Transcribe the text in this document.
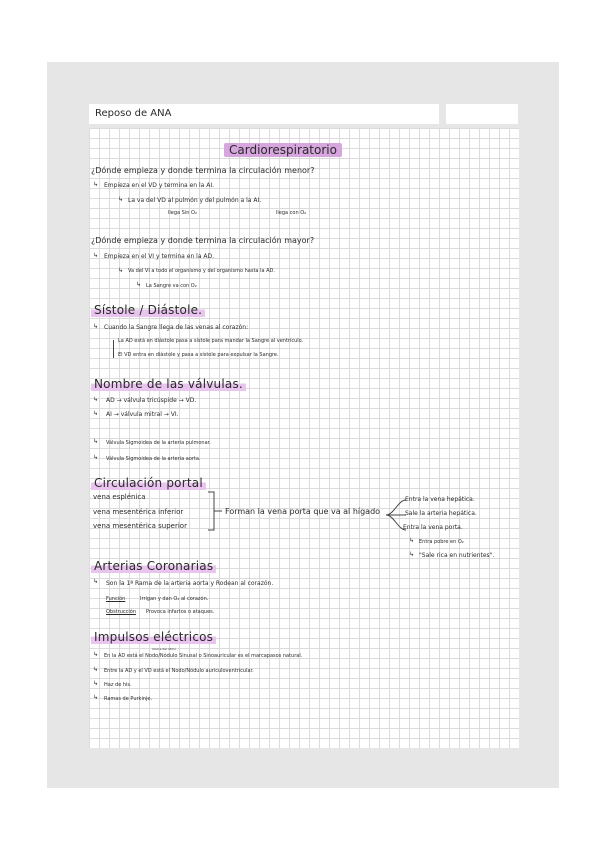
Reposo de ANA
Cardiorespiratorio
¿Dónde empieza y donde termina la circulación menor?
↳ Empieza en el VD y termina en la AI.
↳ La va del VD al pulmón y del pulmón a la AI.
llega Sin O₂	llega con O₂
¿Dónde empieza y donde termina la circulación mayor?
↳ Empieza en el VI y termina en la AD.
↳ Va del VI a todo el organismo y del organismo hasta la AD.
↳ La Sangre va con O₂
Sístole / Diástole.
↳ Cuando la Sangre llega de las venas al corazón:
La AD está en diástole pasa a sístole para mandar la Sangre al ventrículo.
El VD entra en diástole y pasa a sístole para expulsar la Sangre.
Nombre de las válvulas.
↳ AD → válvula tricúspide → VD.
↳ AI → válvula mitral → VI.
↳ Válvula Sigmoidea de la arteria pulmonar.
↳ Válvula Sigmoidea de la arteria aorta.
Circulación portal
vena esplénica
vena mesentérica inferior
vena mesentérica superior
Forman la vena porta que va al hígado
Entra la vena hepática.
Sale la arteria hepática.
Entra la vena porta.
↳ Entra pobre en O₂
↳ "Sale rica en nutrientes".
Arterias Coronarias
↳ Son la 1ª Rama de la arteria aorta y Rodean al corazón.
Función	Irrigan y dan O₂ al corazón.
Obstrucción Provoca infartos o ataques.
Impulsos eléctricos
marca del ritmo
↳ En la AD está el Nodo/Nódulo Sinusal o Sinoauricular es el marcapasos natural.
↳ Entre la AD y el VD está el Nodo/Nódulo auriculoventricular.
↳ Haz de his.
↳ Ramas de Purkinje.
